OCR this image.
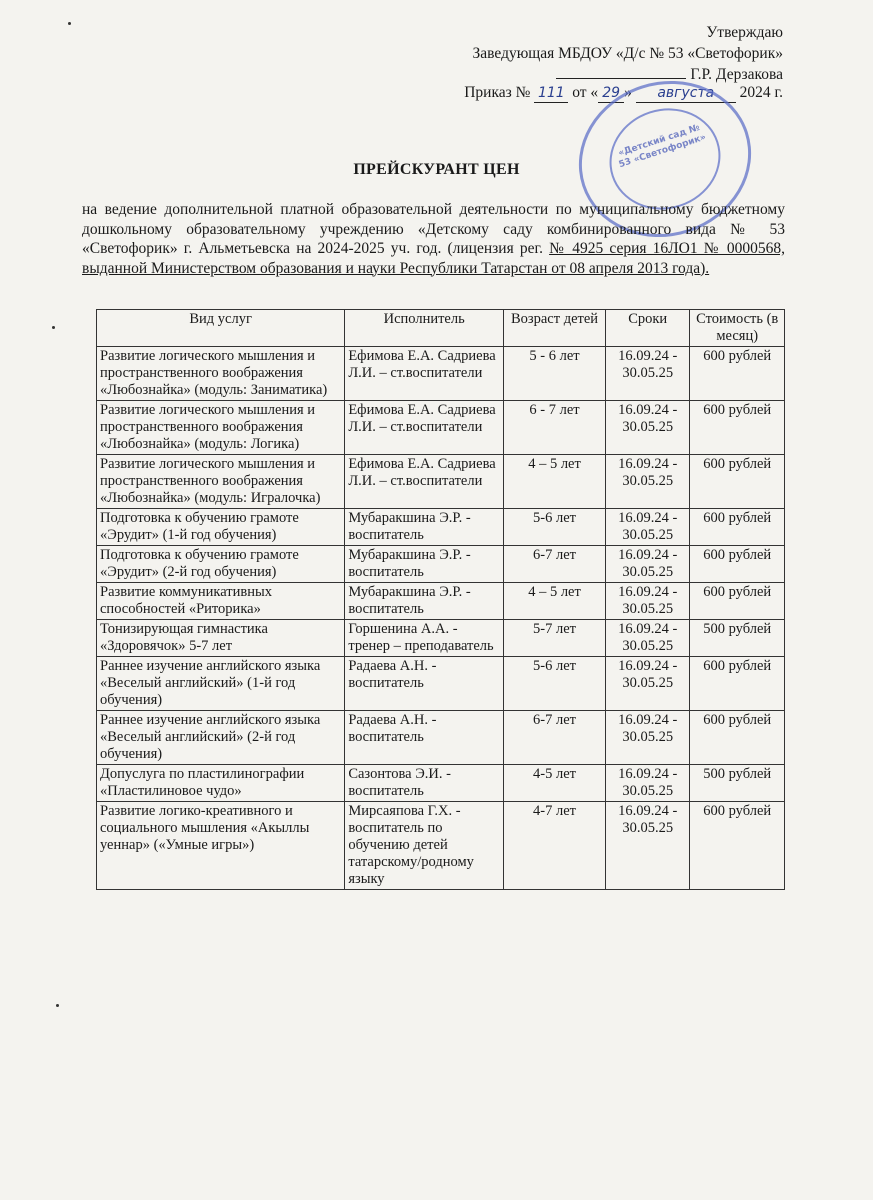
Утверждаю
Заведующая МБДОУ «Д/с № 53 «Светофорик»
Г.Р. Дерзакова
Приказ № 111 от « 29 » августа 2024 г.
«Детский сад № 53 «Светофорик»
ПРЕЙСКУРАНТ ЦЕН
на ведение дополнительной платной образовательной деятельности по муниципальному бюджетному дошкольному образовательному учреждению «Детскому саду комбинированного вида № 53 «Светофорик» г. Альметьевска на 2024-2025 уч. год. (лицензия рег. № 4925 серия 16ЛО1 № 0000568, выданной Министерством образования и науки Республики Татарстан от 08 апреля 2013 года).
Вид услуг	Исполнитель	Возраст детей	Сроки	Стоимость (в месяц)
Развитие логического мышления и пространственного воображения «Любознайка» (модуль: Заниматика)	Ефимова Е.А. Садриева Л.И. – ст.воспитатели	5 - 6 лет	16.09.24 - 30.05.25	600 рублей
Развитие логического мышления и пространственного воображения «Любознайка» (модуль: Логика)	Ефимова Е.А. Садриева Л.И. – ст.воспитатели	6 - 7 лет	16.09.24 - 30.05.25	600 рублей
Развитие логического мышления и пространственного воображения «Любознайка» (модуль: Игралочка)	Ефимова Е.А. Садриева Л.И. – ст.воспитатели	4 – 5 лет	16.09.24 - 30.05.25	600 рублей
Подготовка к обучению грамоте «Эрудит» (1-й год обучения)	Мубаракшина Э.Р. - воспитатель	5-6 лет	16.09.24 - 30.05.25	600 рублей
Подготовка к обучению грамоте «Эрудит» (2-й год обучения)	Мубаракшина Э.Р. - воспитатель	6-7 лет	16.09.24 - 30.05.25	600 рублей
Развитие коммуникативных способностей «Риторика»	Мубаракшина Э.Р. - воспитатель	4 – 5 лет	16.09.24 - 30.05.25	600 рублей
Тонизирующая гимнастика «Здоровячок» 5-7 лет	Горшенина А.А. - тренер – преподаватель	5-7 лет	16.09.24 - 30.05.25	500 рублей
Раннее изучение английского языка «Веселый английский» (1-й год обучения)	Радаева А.Н. - воспитатель	5-6 лет	16.09.24 - 30.05.25	600 рублей
Раннее изучение английского языка «Веселый английский» (2-й год обучения)	Радаева А.Н. - воспитатель	6-7 лет	16.09.24 - 30.05.25	600 рублей
Допуслуга по пластилинографии «Пластилиновое чудо»	Сазонтова Э.И. - воспитатель	4-5 лет	16.09.24 - 30.05.25	500 рублей
Развитие логико-креативного и социального мышления «Акыллы уеннар» («Умные игры»)	Мирсаяпова Г.Х. - воспитатель по обучению детей татарскому/родному языку	4-7 лет	16.09.24 - 30.05.25	600 рублей
